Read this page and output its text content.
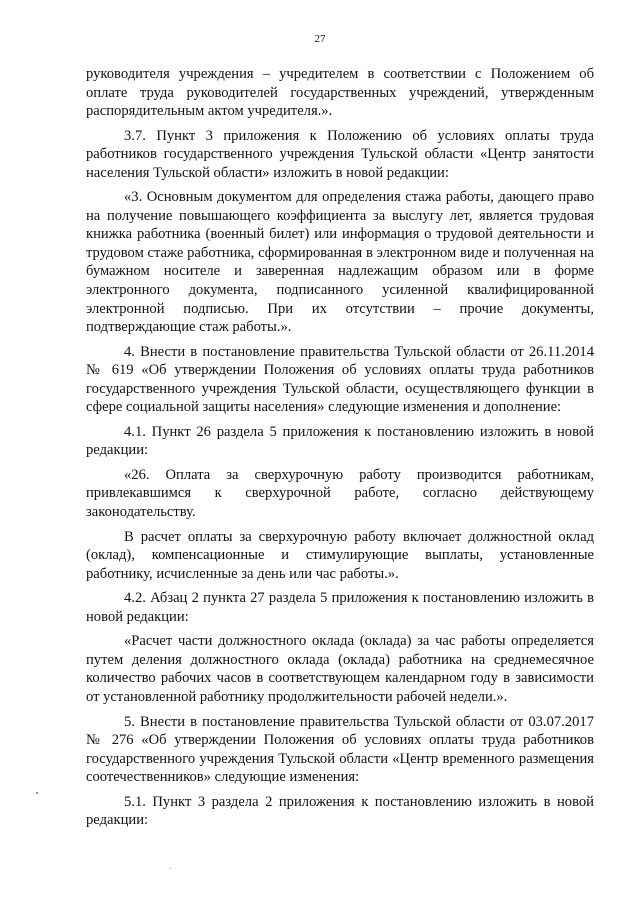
27

руководителя учреждения – учредителем в соответствии с Положением об оплате труда руководителей государственных учреждений, утвержденным распорядительным актом учредителя.».

3.7. Пункт 3 приложения к Положению об условиях оплаты труда работников государственного учреждения Тульской области «Центр занятости населения Тульской области» изложить в новой редакции:

«3. Основным документом для определения стажа работы, дающего право на получение повышающего коэффициента за выслугу лет, является трудовая книжка работника (военный билет) или информация о трудовой деятельности и трудовом стаже работника, сформированная в электронном виде и полученная на бумажном носителе и заверенная надлежащим образом или в форме электронного документа, подписанного усиленной квалифицированной электронной подписью. При их отсутствии – прочие документы, подтверждающие стаж работы.».

4. Внести в постановление правительства Тульской области от 26.11.2014 № 619 «Об утверждении Положения об условиях оплаты труда работников государственного учреждения Тульской области, осуществляющего функции в сфере социальной защиты населения» следующие изменения и дополнение:

4.1. Пункт 26 раздела 5 приложения к постановлению изложить в новой редакции:

«26. Оплата за сверхурочную работу производится работникам, привлекавшимся к сверхурочной работе, согласно действующему законодательству.

В расчет оплаты за сверхурочную работу включает должностной оклад (оклад), компенсационные и стимулирующие выплаты, установленные работнику, исчисленные за день или час работы.».

4.2. Абзац 2 пункта 27 раздела 5 приложения к постановлению изложить в новой редакции:

«Расчет части должностного оклада (оклада) за час работы определяется путем деления должностного оклада (оклада) работника на среднемесячное количество рабочих часов в соответствующем календарном году в зависимости от установленной работнику продолжительности рабочей недели.».

5. Внести в постановление правительства Тульской области от 03.07.2017 № 276 «Об утверждении Положения об условиях оплаты труда работников государственного учреждения Тульской области «Центр временного размещения соотечественников» следующие изменения:

5.1. Пункт 3 раздела 2 приложения к постановлению изложить в новой редакции:
